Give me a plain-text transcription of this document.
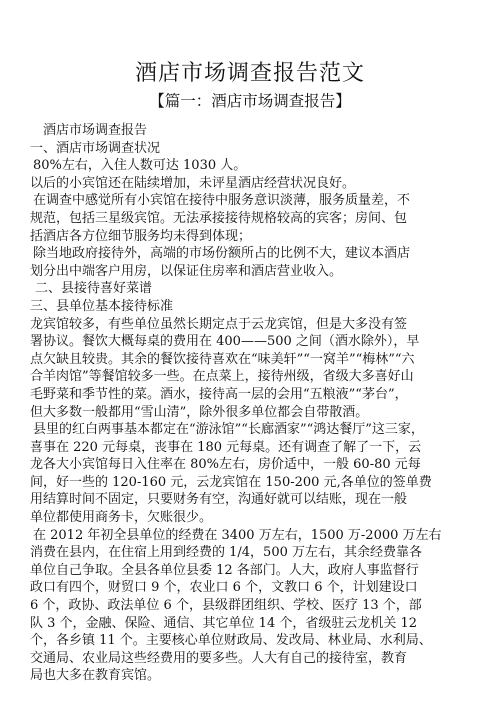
酒店市场调查报告范文
【篇一：酒店市场调查报告】
酒店市场调查报告
一、酒店市场调查状况
80%左右，入住人数可达 1030 人。
以后的小宾馆还在陆续增加，未评星酒店经营状况良好。
在调查中感觉所有小宾馆在接待中服务意识淡薄，服务质量差，不
规范，包括三星级宾馆。无法承接接待规格较高的宾客；房间、包
括酒店各方位细节服务均未得到体现；
除当地政府接待外，高端的市场份额所占的比例不大，建议本酒店
划分出中端客户用房，以保证住房率和酒店营业收入。
二、县接待喜好菜谱
三、县单位基本接待标准
龙宾馆较多，有些单位虽然长期定点于云龙宾馆，但是大多没有签
署协议。餐饮大概每桌的费用在 400——500 之间（酒水除外），早
点欠缺且较贵。其余的餐饮接待喜欢在“味美轩”“一窝羊”“梅林”“六
合羊肉馆”等餐馆较多一些。在点菜上，接待州级，省级大多喜好山
毛野菜和季节性的菜。酒水，接待高一层的会用“五粮液”“茅台”，
但大多数一般都用“雪山清”，除外很多单位都会自带散酒。
县里的红白两事基本都定在“游泳馆”“长廊酒家”“鸿达餐厅”这三家，
喜事在 220 元每桌，丧事在 180 元每桌。还有调查了解了一下，云
龙各大小宾馆每日入住率在 80%左右，房价适中，一般 60-80 元每
间，好一些的 120-160 元，云龙宾馆在 150-200 元,各单位的签单费
用结算时间不固定，只要财务有空，沟通好就可以结账，现在一般
单位都使用商务卡，欠账很少。
在 2012 年初全县单位的经费在 3400 万左右，1500 万-2000 万左右
消费在县内，在住宿上用到经费的 1/4，500 万左右，其余经费靠各
单位自己争取。全县各单位县委 12 各部门。人大，政府人事监督行
政口有四个，财贸口 9 个，农业口 6 个，文教口 6 个，计划建设口
6 个，政协、政法单位 6 个，县级群团组织、学校、医疗 13 个，部
队 3 个，金融、保险、通信、其它单位 14 个，省级驻云龙机关 12
个，各乡镇 11 个。主要核心单位财政局、发改局、林业局、水利局、
交通局、农业局这些经费用的要多些。人大有自己的接待室，教育
局也大多在教育宾馆。
